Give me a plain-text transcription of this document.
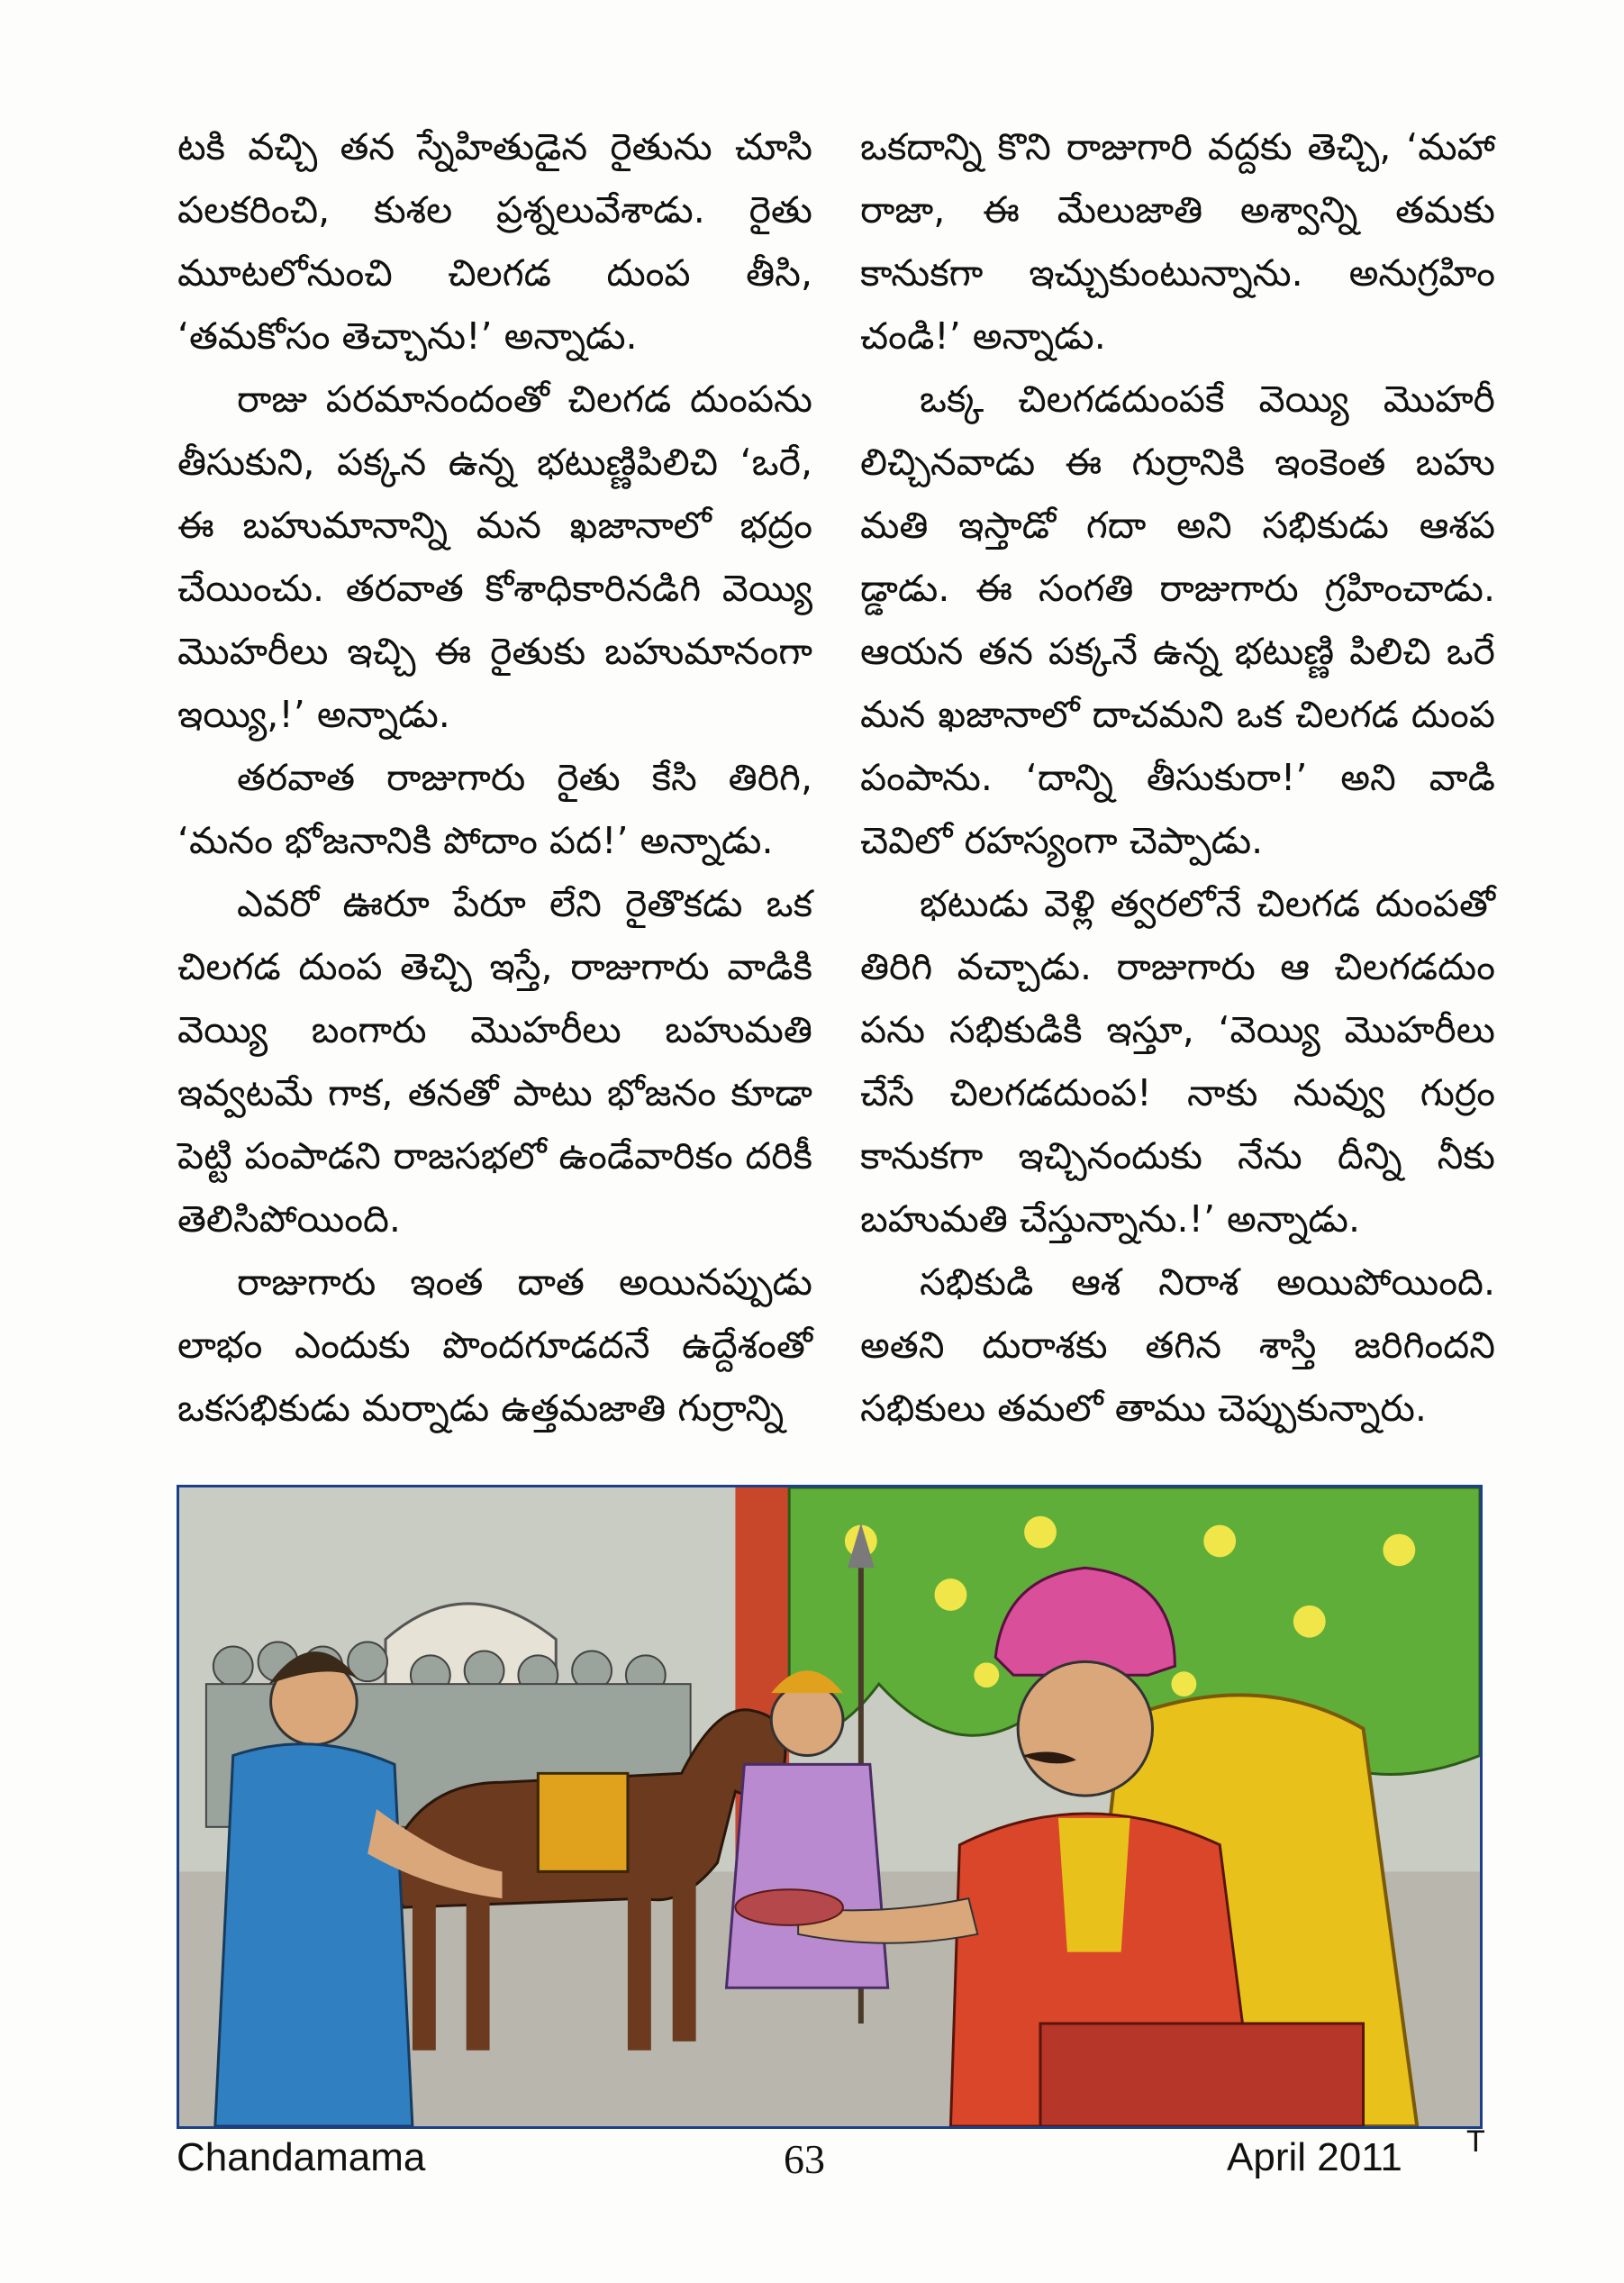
టకి వచ్చి తన స్నేహితుడైన రైతును చూసి పలకరించి, కుశల ప్రశ్నలువేశాడు. రైతు మూటలోనుంచి చిలగడ దుంప తీసి, ‘తమకోసం తెచ్చాను!’ అన్నాడు.

రాజు పరమానందంతో చిలగడ దుంపను తీసుకుని, పక్కన ఉన్న భటుణ్ణిపిలిచి ‘ఒరే, ఈ బహుమానాన్ని మన ఖజానాలో భద్రం చేయించు. తరవాత కోశాధికారినడిగి వెయ్యి మొహరీలు ఇచ్చి ఈ రైతుకు బహుమానంగా ఇయ్యి,!’ అన్నాడు.

తరవాత రాజుగారు రైతు కేసి తిరిగి, ‘మనం భోజనానికి పోదాం పద!’ అన్నాడు.

ఎవరో ఊరూ పేరూ లేని రైతొకడు ఒక చిలగడ దుంప తెచ్చి ఇస్తే, రాజుగారు వాడికి వెయ్యి బంగారు మొహరీలు బహుమతి ఇవ్వటమే గాక, తనతో పాటు భోజనం కూడా పెట్టి పంపాడని రాజసభలో ఉండేవారికం దరికీ తెలిసిపోయింది.

రాజుగారు ఇంత దాత అయినప్పుడు లాభం ఎందుకు పొందగూడదనే ఉద్దేశంతో ఒకసభికుడు మర్నాడు ఉత్తమజాతి గుర్రాన్ని

ఒకదాన్ని కొని రాజుగారి వద్దకు తెచ్చి, ‘మహా రాజా, ఈ మేలుజాతి అశ్వాన్ని తమకు కానుకగా ఇచ్చుకుంటున్నాను. అనుగ్రహిం చండి!’ అన్నాడు.

ఒక్క చిలగడదుంపకే వెయ్యి మొహరీ లిచ్చినవాడు ఈ గుర్రానికి ఇంకెంత బహు మతి ఇస్తాడో గదా అని సభికుడు ఆశప డ్డాడు. ఈ సంగతి రాజుగారు గ్రహించాడు. ఆయన తన పక్కనే ఉన్న భటుణ్ణి పిలిచి ఒరే మన ఖజానాలో దాచమని ఒక చిలగడ దుంప పంపాను. ‘దాన్ని తీసుకురా!’ అని వాడి చెవిలో రహస్యంగా చెప్పాడు.

భటుడు వెళ్లి త్వరలోనే చిలగడ దుంపతో తిరిగి వచ్చాడు. రాజుగారు ఆ చిలగడదుం పను సభికుడికి ఇస్తూ, ‘వెయ్యి మొహరీలు చేసే చిలగడదుంప! నాకు నువ్వు గుర్రం కానుకగా ఇచ్చినందుకు నేను దీన్ని నీకు బహుమతి చేస్తున్నాను.!’ అన్నాడు.

సభికుడి ఆశ నిరాశ అయిపోయింది. అతని దురాశకు తగిన శాస్తి జరిగిందని సభికులు తమలో తాము చెప్పుకున్నారు.

Chandamama	63	April 2011 T
